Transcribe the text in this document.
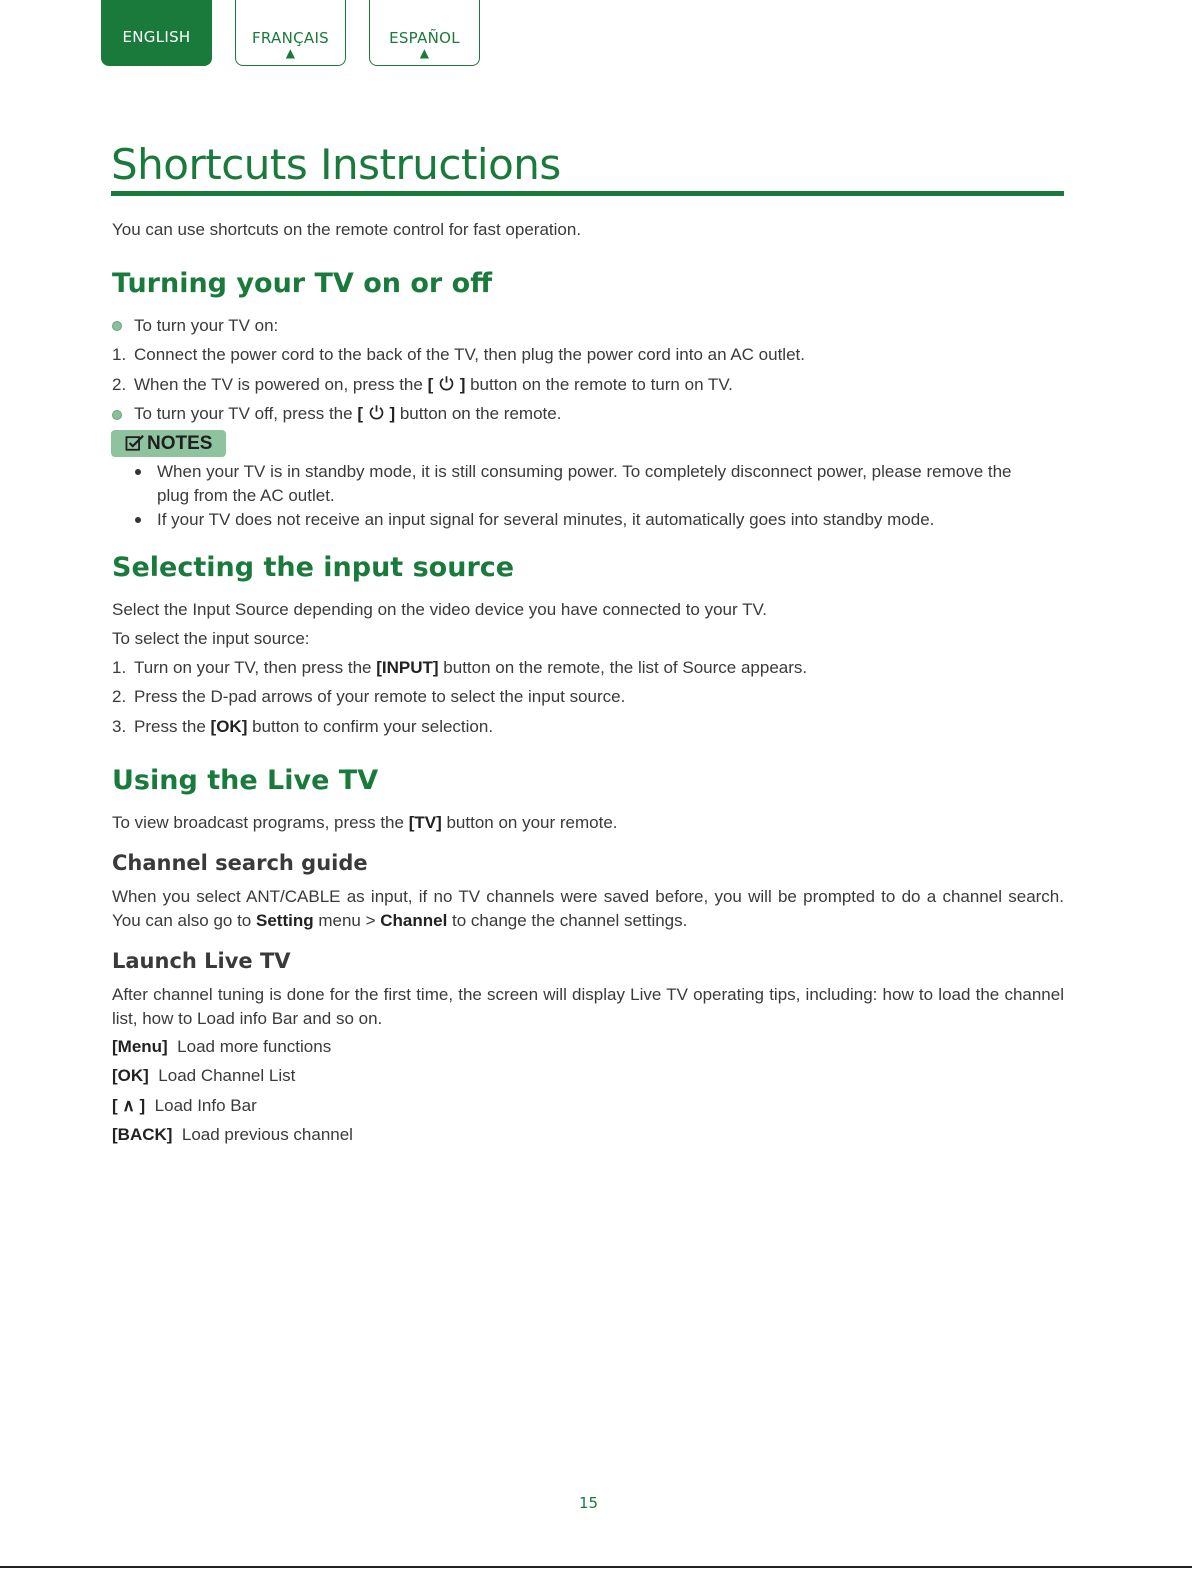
ENGLISH	FRANÇAIS
▲
ESPAÑOL
▲
Shortcuts Instructions
You can use shortcuts on the remote control for fast operation.
Turning your TV on or off
To turn your TV on:
1. Connect the power cord to the back of the TV, then plug the power cord into an AC outlet.
2. When the TV is powered on, press the [  ] button on the remote to turn on TV.
To turn your TV off, press the [  ] button on the remote.
NOTES
When your TV is in standby mode, it is still consuming power. To completely disconnect power, please remove the
plug from the AC outlet.
If your TV does not receive an input signal for several minutes, it automatically goes into standby mode.
Selecting the input source
Select the Input Source depending on the video device you have connected to your TV.
To select the input source:
1. Turn on your TV, then press the [INPUT] button on the remote, the list of Source appears.
2. Press the D-pad arrows of your remote to select the input source.
3. Press the [OK] button to confirm your selection.
Using the Live TV
To view broadcast programs, press the [TV] button on your remote.
Channel search guide
When you select ANT/CABLE as input, if no TV channels were saved before, you will be prompted to do a channel search. You can also go to Setting menu > Channel to change the channel settings.
Launch Live TV
After channel tuning is done for the first time, the screen will display Live TV operating tips, including: how to load the channel list, how to Load info Bar and so on.
[Menu] Load more functions
[OK] Load Channel List
[ ∧ ] Load Info Bar
[BACK] Load previous channel
15
